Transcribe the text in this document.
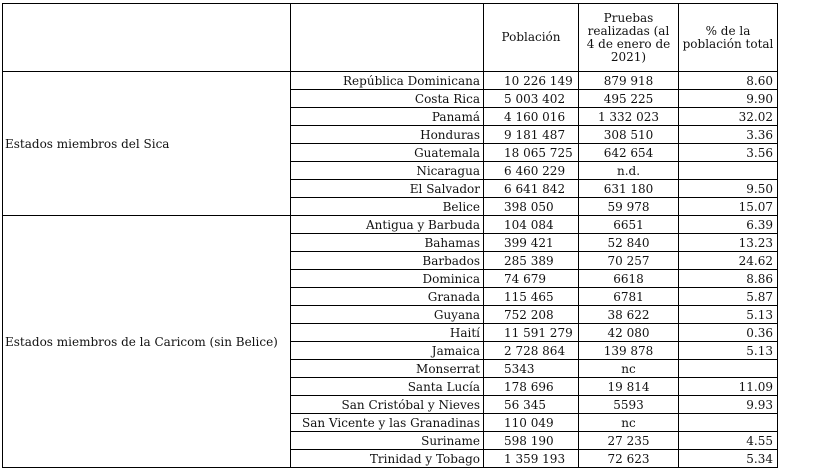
		Población	Pruebas realizadas (al 4 de enero de 2021)	% de la población total
Estados miembros del Sica	República Dominicana	10 226 149	879 918	8.60
	Costa Rica	5 003 402	495 225	9.90
	Panamá	4 160 016	1 332 023	32.02
	Honduras	9 181 487	308 510	3.36
	Guatemala	18 065 725	642 654	3.56
	Nicaragua	6 460 229	n.d.	
	El Salvador	6 641 842	631 180	9.50
	Belice	398 050	59 978	15.07
Estados miembros de la Caricom (sin Belice)	Antigua y Barbuda	104 084	6651	6.39
	Bahamas	399 421	52 840	13.23
	Barbados	285 389	70 257	24.62
	Dominica	74 679	6618	8.86
	Granada	115 465	6781	5.87
	Guyana	752 208	38 622	5.13
	Haití	11 591 279	42 080	0.36
	Jamaica	2 728 864	139 878	5.13
	Monserrat	5343	nc	
	Santa Lucía	178 696	19 814	11.09
	San Cristóbal y Nieves	56 345	5593	9.93
	San Vicente y las Granadinas	110 049	nc	
	Suriname	598 190	27 235	4.55
	Trinidad y Tobago	1 359 193	72 623	5.34
